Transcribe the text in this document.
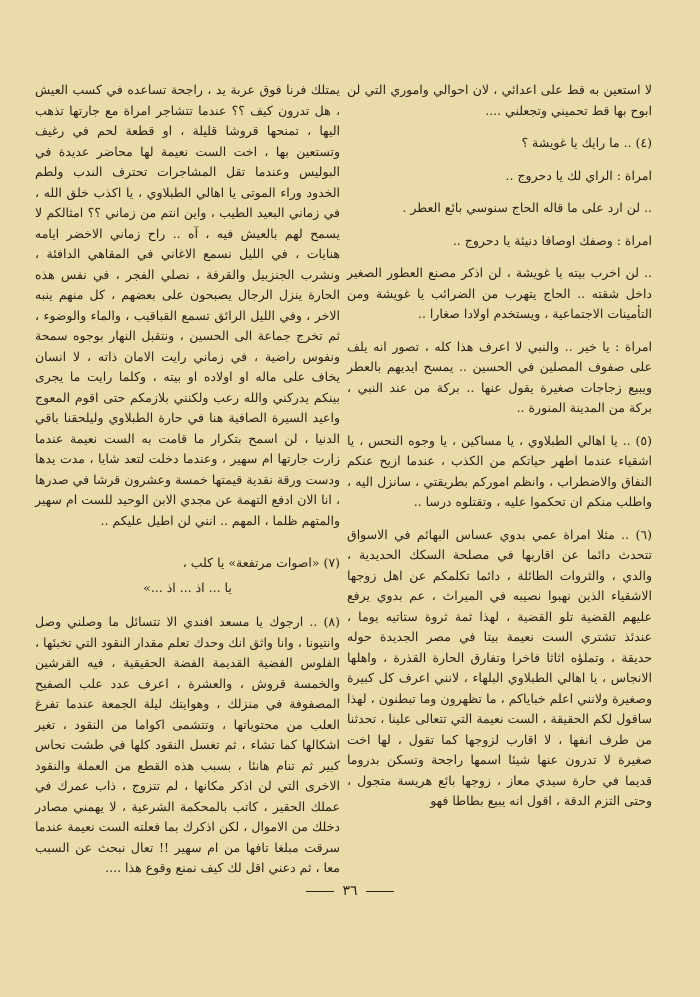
لا استعين به قط على اعدائي ، لان احوالي واموري التي لن ابوح بها قط تحميني وتجعلني ....

(٤) .. ما رايك يا غويشة ؟

امراة : الراي لك يا دحروج ..

.. لن ارد على ما قاله الحاج سنوسي بائع العطر .

امراة : وصفك اوصافا دنيئة يا دحروج ..

.. لن اخرب بيته يا غويشة ، لن اذكر مصنع العطور الصغير داخل شقته .. الحاج يتهرب من الضرائب يا غويشة ومن التأمينات الاجتماعية ، ويستخدم اولادا صغارا ..

امراة : يا خير .. والنبي لا اعرف هذا كله ، تصور انه يلف على صفوف المصلين في الحسين .. يمسح ايديهم بالعطر ويبيع زجاجات صغيرة يقول عنها .. بركة من عند النبي ، بركة من المدينة المنورة ..

(٥) .. يا اهالي الطبلاوي ، يا مساكين ، يا وجوه النحس ، يا اشقياء عندما اطهر حياتكم من الكذب ، عندما ازيح عنكم النفاق والاضطراب ، وانظم اموركم بطريقتي ، سانزل اليه ، واطلب منكم ان تحكموا عليه ، وتقتلوه درسا ..

(٦) .. مثلا امراة عمي بدوي عساس البهائم في الاسواق تتحدث دائما عن اقاربها في مصلحة السكك الحديدية ، والدي ، والثروات الطائلة ، دائما تكلمكم عن اهل زوجها الاشقياء الذين نهبوا نصيبه في الميراث ، عم بدوي يرفع عليهم القضية تلو القضية ، لهذا ثمة ثروة ستاتيه يوما ، عندئذ تشتري الست نعيمة بيتا في مصر الجديدة حوله حديقة ، وتملؤه اثاثا فاخرا وتفارق الحارة القذرة ، واهلها الانجاس ، يا اهالي الطبلاوي البلهاء ، لانني اعرف كل كبيرة وصغيرة ولانني اعلم خباياكم ، ما تظهرون وما تبطنون ، لهذا ساقول لكم الحقيقة ، الست نعيمة التي تتعالى علينا ، تحدثنا من طرف انفها ، لا اقارب لزوجها كما تقول ، لها اخت صغيرة لا تدرون عنها شيئا اسمها راجحة وتسكن بدروما قديما في حارة سيدي معاز ، زوجها بائع هريسة متجول ، وحتى التزم الدقة ، اقول انه يبيع بطاطا فهو

يمتلك فرنا فوق عربة يد ، راجحة تساعده في كسب العيش ، هل تدرون كيف ؟؟ عندما تتشاجر امراة مع جارتها تذهب اليها ، تمنحها قروشا قليلة ، او قطعة لحم في رغيف وتستعين بها ، اخت الست نعيمة لها محاضر عديدة في البوليس وعندما تقل المشاجرات تحترف الندب ولطم الخدود وراء الموتى يا اهالي الطبلاوي ، يا اكذب خلق الله ، في زماني البعيد الطيب ، واين انتم من زماني ؟؟ امثالكم لا يسمح لهم بالعيش فيه ، آه .. راح زماني الاخضر ايامه هنايات ، في الليل نسمع الاغاني في المقاهي الدافئة ، ونشرب الجنزبيل والقرفة ، نصلي الفجر ، في نفس هذه الحارة ينزل الرجال يصبحون على بعضهم ، كل منهم ينبه الاخر ، وفي الليل الرائق تسمع القباقيب ، والماء والوضوء ، ثم تخرج جماعة الى الحسين ، ونتقبل النهار بوجوه سمحة ونفوس راضية ، في زماني رايت الامان ذاته ، لا انسان يخاف على ماله او اولاده او بيته ، وكلما رايت ما يجرى بينكم يدركني والله رعب ولكنني بلازمكم حتى اقوم المعوج واعيد السيرة الصافية هنا في حارة الطبلاوي وليلحقنا باقي الدنيا ، لن اسمح بتكرار ما قامت به الست نعيمة عندما زارت جارتها ام سهير ، وعندما دخلت لتعد شايا ، مدت يدها ودست ورقة نقدية قيمتها خمسة وعشرون قرشا في صدرها ، انا الان ادفع التهمة عن مجدي الابن الوحيد للست ام سهير والمتهم ظلما ، المهم .. انني لن اطيل عليكم ..

(٧) «اصوات مرتفعة» يا كلب ،

يا ... اذ ... اذ ...»

(٨) .. ارجوك يا مسعد افندي الا تتسائل ما وصلني وصل وانتيونا ، وانا واثق انك وحدك تعلم مقدار النقود التي تخبئها ، الفلوس الفضية القديمة الفضة الحقيقية ، فيه القرشين والخمسة قروش ، والعشرة ، اعرف عدد علب الصفيح المصفوفة في منزلك ، وهوايتك ليلة الجمعة عندما تفرغ العلب من محتوياتها ، وتتشمى اكواما من النقود ، تغير اشكالها كما تشاء ، ثم تغسل النقود كلها في طشت نحاس كبير ثم تنام هانئا ، بسبب هذه القطع من العملة والنقود الاخرى التي لن اذكر مكانها ، لم تتزوج ، ذاب عمرك في عملك الحقير ، كاتب بالمحكمة الشرعية ، لا يهمني مصادر دخلك من الاموال ، لكن اذكرك بما فعلته الست نعيمة عندما سرقت مبلغا تافها من ام سهير !! تعال نبحث عن السبب معا ، ثم دعني اقل لك كيف نمنع وقوع هذا ....

٣٦
